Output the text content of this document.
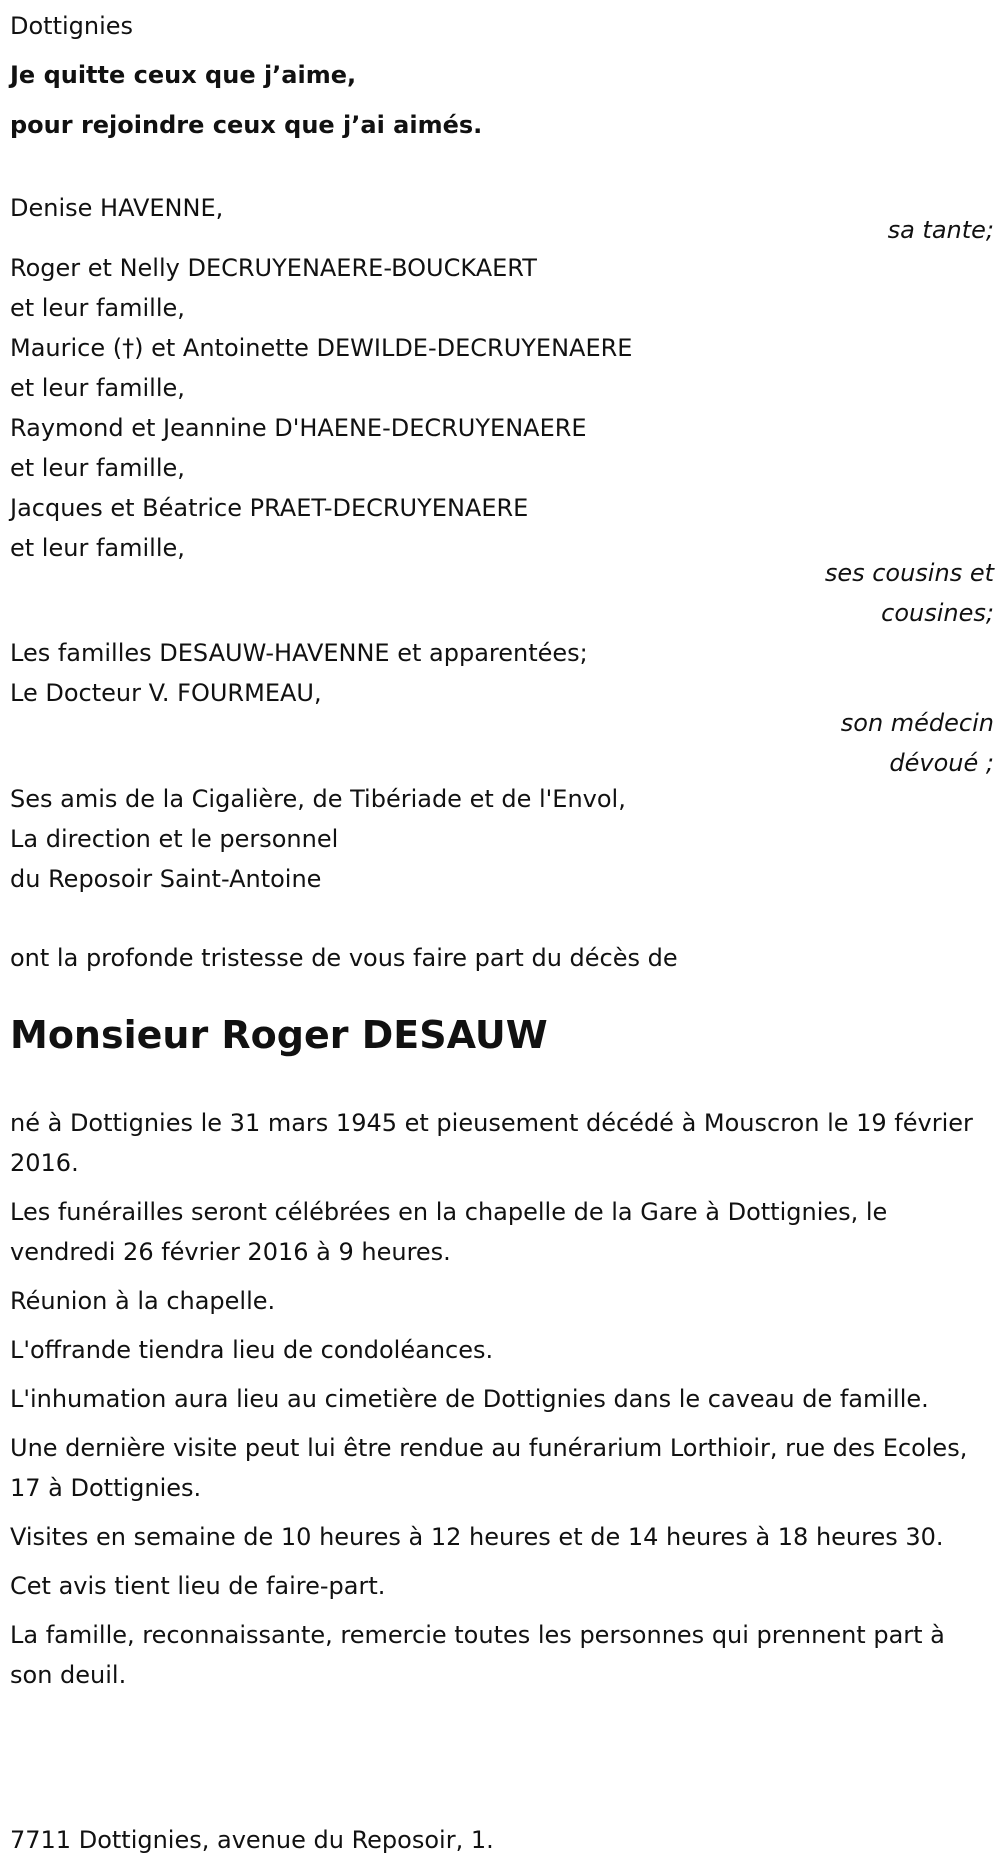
Dottignies
Je quitte ceux que j’aime,
pour rejoindre ceux que j’ai aimés.
Denise HAVENNE,
sa tante;
Roger et Nelly DECRUYENAERE-BOUCKAERT
et leur famille,
Maurice (†) et Antoinette DEWILDE-DECRUYENAERE
et leur famille,
Raymond et Jeannine D'HAENE-DECRUYENAERE
et leur famille,
Jacques et Béatrice PRAET-DECRUYENAERE
et leur famille,
ses cousins et
cousines;
Les familles DESAUW-HAVENNE et apparentées;
Le Docteur V. FOURMEAU,
son médecin
dévoué ;
Ses amis de la Cigalière, de Tibériade et de l'Envol,
La direction et le personnel
du Reposoir Saint-Antoine
ont la profonde tristesse de vous faire part du décès de
Monsieur Roger DESAUW

né à Dottignies le 31 mars 1945 et pieusement décédé à Mouscron le 19 février 2016.

Les funérailles seront célébrées en la chapelle de la Gare à Dottignies, le vendredi 26 février 2016 à 9 heures.

Réunion à la chapelle.

L'offrande tiendra lieu de condoléances.

L'inhumation aura lieu au cimetière de Dottignies dans le caveau de famille.

Une dernière visite peut lui être rendue au funérarium Lorthioir, rue des Ecoles, 17 à Dottignies.

Visites en semaine de 10 heures à 12 heures et de 14 heures à 18 heures 30.

Cet avis tient lieu de faire-part.

La famille, reconnaissante, remercie toutes les personnes qui prennent part à son deuil.

7711 Dottignies, avenue du Reposoir, 1.
